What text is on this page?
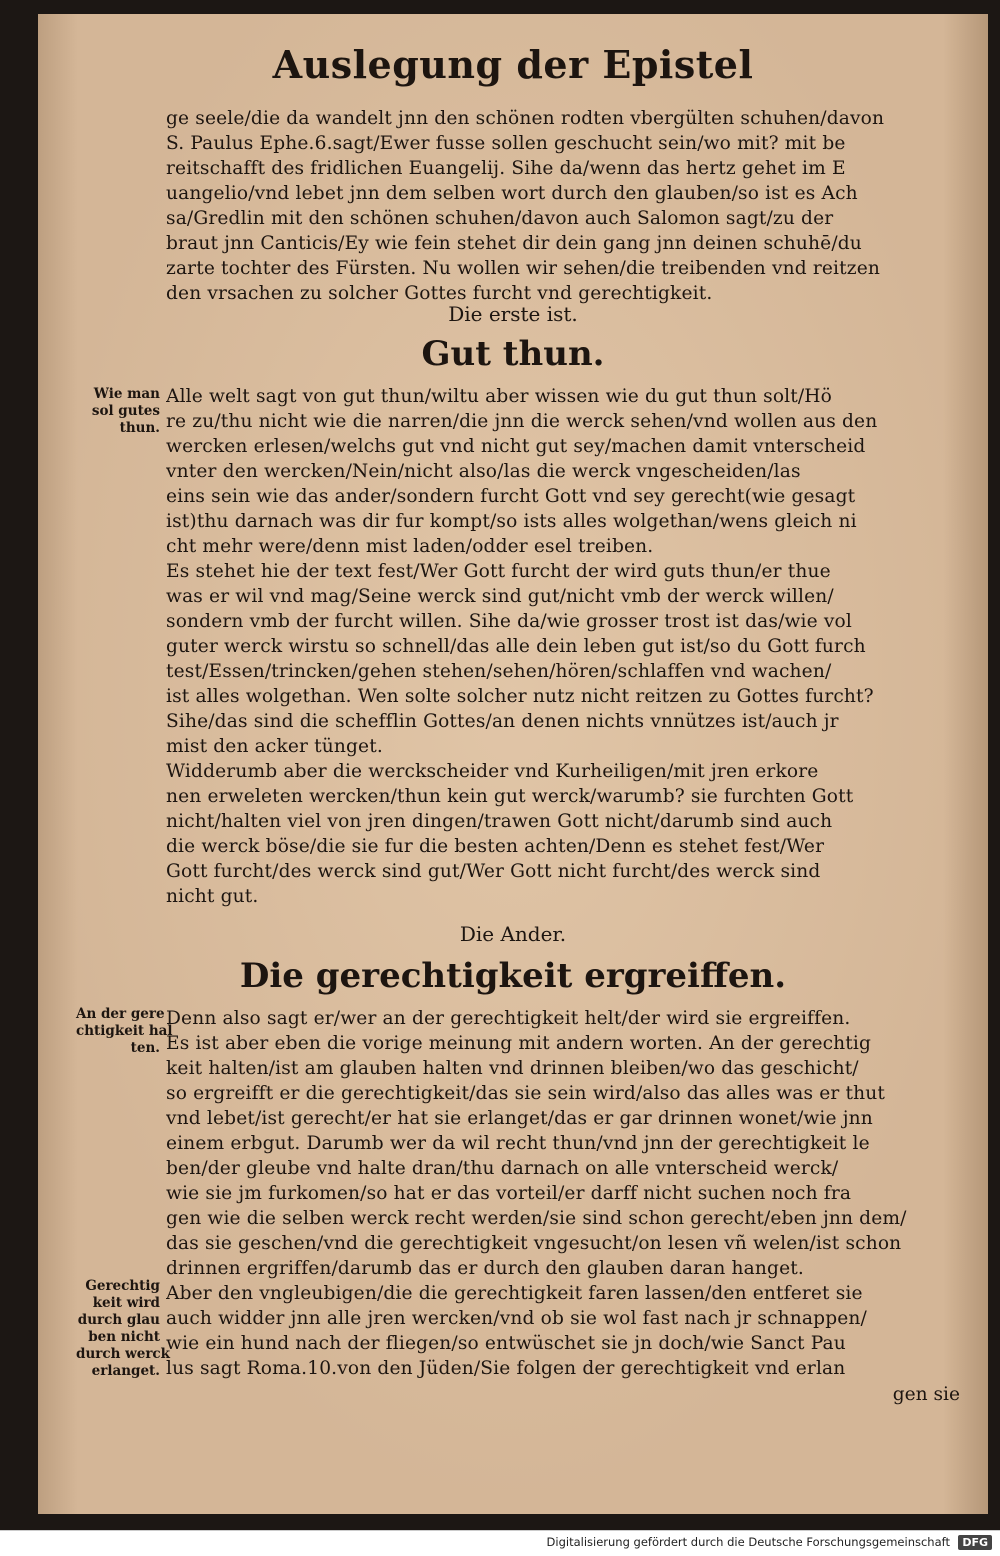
Auslegung der Epistel
ge seele/die da wandelt jnn den schönen rodten vbergülten schuhen/davon
S. Paulus Ephe.6.sagt/Ewer fusse sollen geschucht sein/wo mit? mit be
reitschafft des fridlichen Euangelij. Sihe da/wenn das hertz gehet im E
uangelio/vnd lebet jnn dem selben wort durch den glauben/so ist es Ach
sa/Gredlin mit den schönen schuhen/davon auch Salomon sagt/zu der
braut jnn Canticis/Ey wie fein stehet dir dein gang jnn deinen schuhē/du
zarte tochter des Fürsten. Nu wollen wir sehen/die treibenden vnd reitzen
den vrsachen zu solcher Gottes furcht vnd gerechtigkeit.
Die erste ist.
Gut thun.
Wie man
sol gutes
thun.
Alle welt sagt von gut thun/wiltu aber wissen wie du gut thun solt/Hö
re zu/thu nicht wie die narren/die jnn die werck sehen/vnd wollen aus den
wercken erlesen/welchs gut vnd nicht gut sey/machen damit vnterscheid
vnter den wercken/Nein/nicht also/las die werck vngescheiden/las
eins sein wie das ander/sondern furcht Gott vnd sey gerecht(wie gesagt
ist)thu darnach was dir fur kompt/so ists alles wolgethan/wens gleich ni
cht mehr were/denn mist laden/odder esel treiben.
Es stehet hie der text fest/Wer Gott furcht der wird guts thun/er thue
was er wil vnd mag/Seine werck sind gut/nicht vmb der werck willen/
sondern vmb der furcht willen. Sihe da/wie grosser trost ist das/wie vol
guter werck wirstu so schnell/das alle dein leben gut ist/so du Gott furch
test/Essen/trincken/gehen stehen/sehen/hören/schlaffen vnd wachen/
ist alles wolgethan. Wen solte solcher nutz nicht reitzen zu Gottes furcht?
Sihe/das sind die schefflin Gottes/an denen nichts vnnützes ist/auch jr
mist den acker tünget.
Widderumb aber die werckscheider vnd Kurheiligen/mit jren erkore
nen erweleten wercken/thun kein gut werck/warumb? sie furchten Gott
nicht/halten viel von jren dingen/trawen Gott nicht/darumb sind auch
die werck böse/die sie fur die besten achten/Denn es stehet fest/Wer
Gott furcht/des werck sind gut/Wer Gott nicht furcht/des werck sind
nicht gut.
Die Ander.
Die gerechtigkeit ergreiffen.
An der gere
chtigkeit hal
ten.
Gerechtig
keit wird
durch glau
ben nicht
durch werck
erlanget.
Denn also sagt er/wer an der gerechtigkeit helt/der wird sie ergreiffen.
Es ist aber eben die vorige meinung mit andern worten. An der gerechtig
keit halten/ist am glauben halten vnd drinnen bleiben/wo das geschicht/
so ergreifft er die gerechtigkeit/das sie sein wird/also das alles was er thut
vnd lebet/ist gerecht/er hat sie erlanget/das er gar drinnen wonet/wie jnn
einem erbgut. Darumb wer da wil recht thun/vnd jnn der gerechtigkeit le
ben/der gleube vnd halte dran/thu darnach on alle vnterscheid werck/
wie sie jm furkomen/so hat er das vorteil/er darff nicht suchen noch fra
gen wie die selben werck recht werden/sie sind schon gerecht/eben jnn dem/
das sie geschen/vnd die gerechtigkeit vngesucht/on lesen vñ welen/ist schon
drinnen ergriffen/darumb das er durch den glauben daran hanget.
Aber den vngleubigen/die die gerechtigkeit faren lassen/den entferet sie
auch widder jnn alle jren wercken/vnd ob sie wol fast nach jr schnappen/
wie ein hund nach der fliegen/so entwüschet sie jn doch/wie Sanct Pau
lus sagt Roma.10.von den Jüden/Sie folgen der gerechtigkeit vnd erlan
gen sie
Digitalisierung gefördert durch die Deutsche Forschungsgemeinschaft	DFG
